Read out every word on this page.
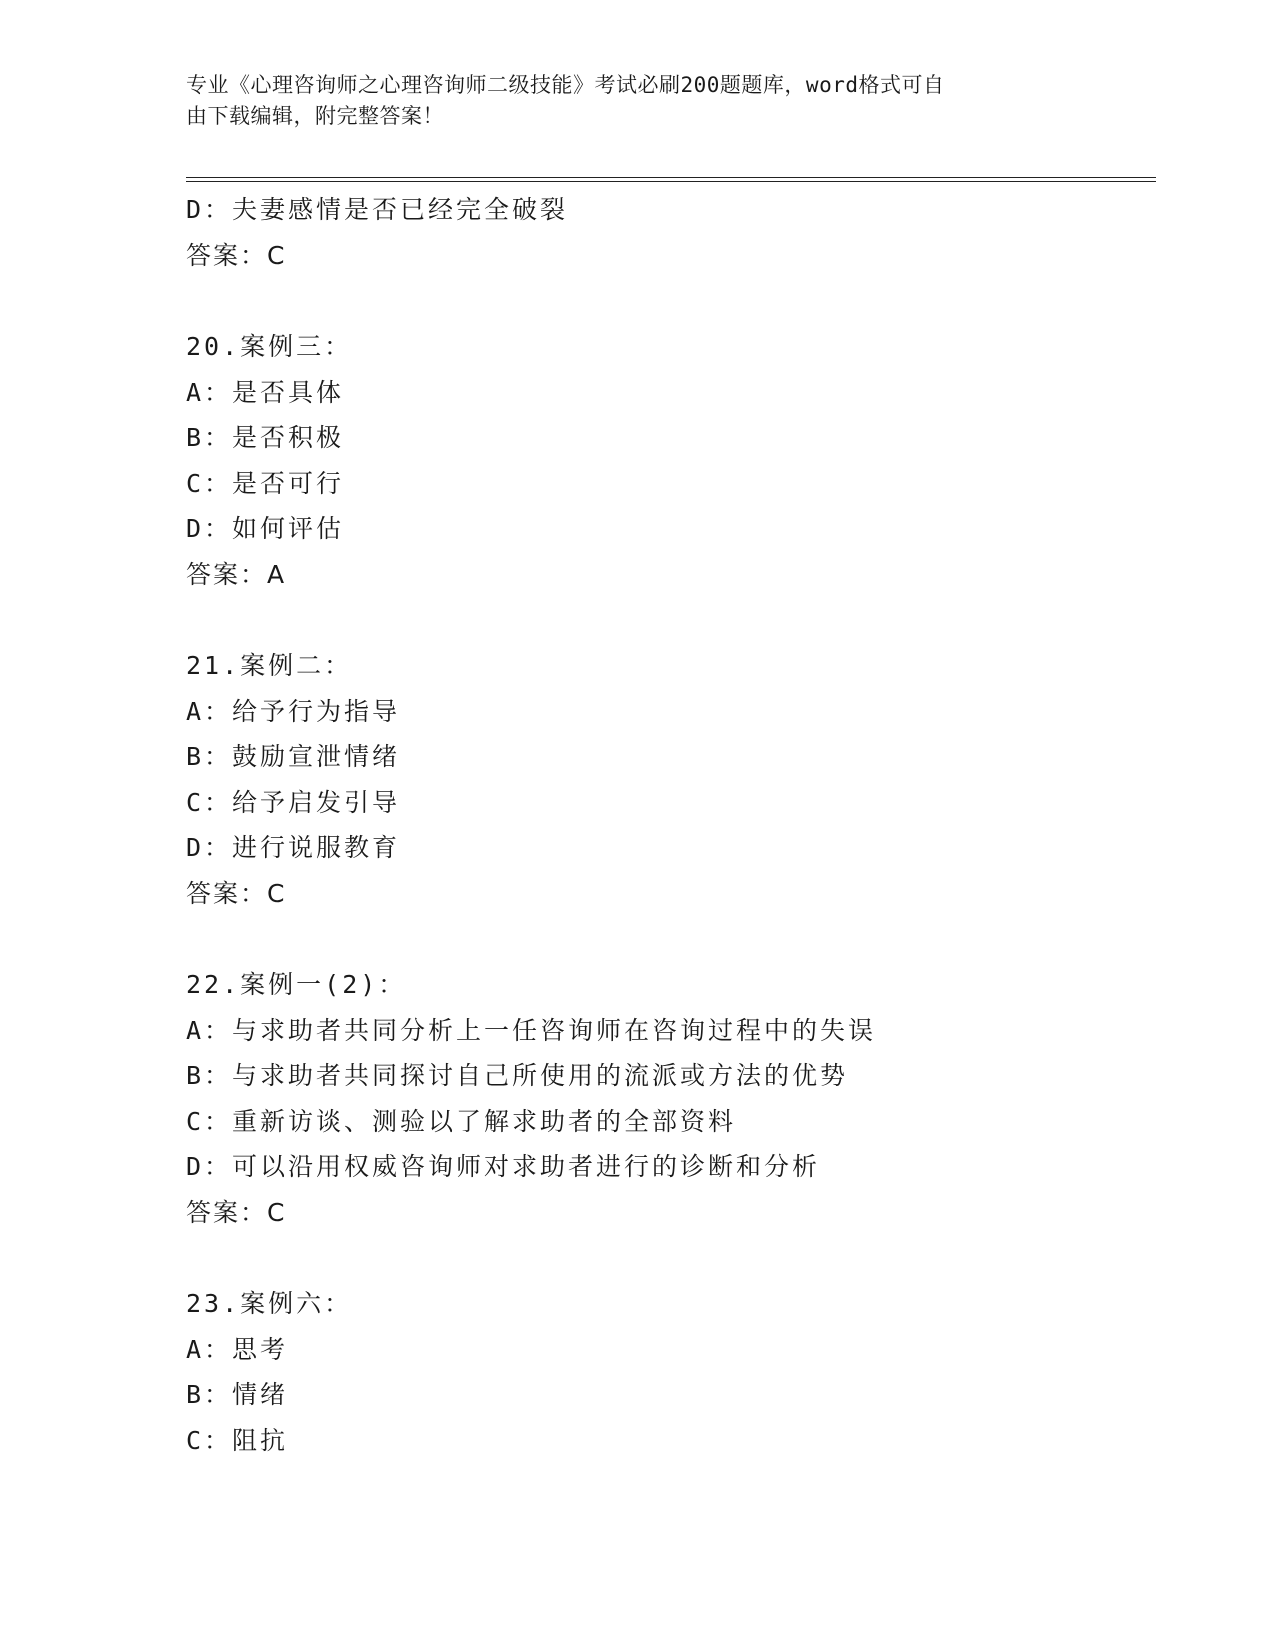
专业《心理咨询师之心理咨询师二级技能》考试必刷200题题库，word格式可自
由下载编辑，附完整答案！
D：夫妻感情是否已经完全破裂
答案：C
20.案例三：
A：是否具体
B：是否积极
C：是否可行
D：如何评估
答案：A
21.案例二：
A：给予行为指导
B：鼓励宣泄情绪
C：给予启发引导
D：进行说服教育
答案：C
22.案例一(2)：
A：与求助者共同分析上一任咨询师在咨询过程中的失误
B：与求助者共同探讨自己所使用的流派或方法的优势
C：重新访谈、测验以了解求助者的全部资料
D：可以沿用权威咨询师对求助者进行的诊断和分析
答案：C
23.案例六：
A：思考
B：情绪
C：阻抗
